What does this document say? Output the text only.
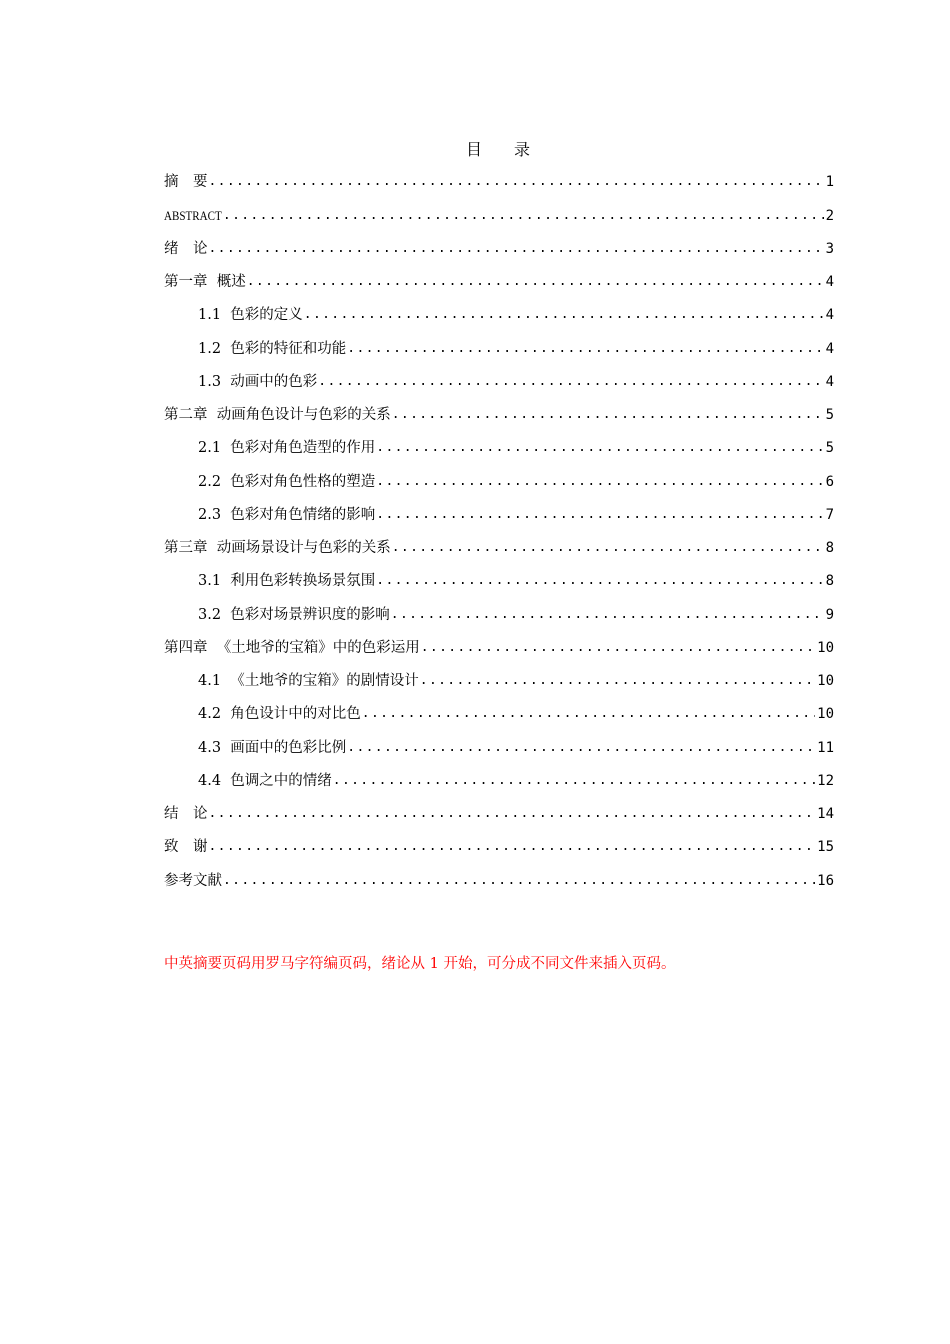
目　　录
摘　要 .....	1
ABSTRACT .....	2
绪　论 .....	3
第一章  概述 .....	4
1.1  色彩的定义 .....	4
1.2  色彩的特征和功能 .....	4
1.3  动画中的色彩 .....	4
第二章  动画角色设计与色彩的关系 .....	5
2.1  色彩对角色造型的作用 .....	5
2.2  色彩对角色性格的塑造 .....	6
2.3  色彩对角色情绪的影响 .....	7
第三章  动画场景设计与色彩的关系 .....	8
3.1  利用色彩转换场景氛围 .....	8
3.2  色彩对场景辨识度的影响 .....	9
第四章  《土地爷的宝箱》中的色彩运用 .....	10
4.1  《土地爷的宝箱》的剧情设计 .....	10
4.2  角色设计中的对比色 .....	10
4.3  画面中的色彩比例 .....	11
4.4  色调之中的情绪 .....	12
结　论 .....	14
致　谢 .....	15
参考文献 .....	16
中英摘要页码用罗马字符编页码，绪论从 1 开始，可分成不同文件来插入页码。
